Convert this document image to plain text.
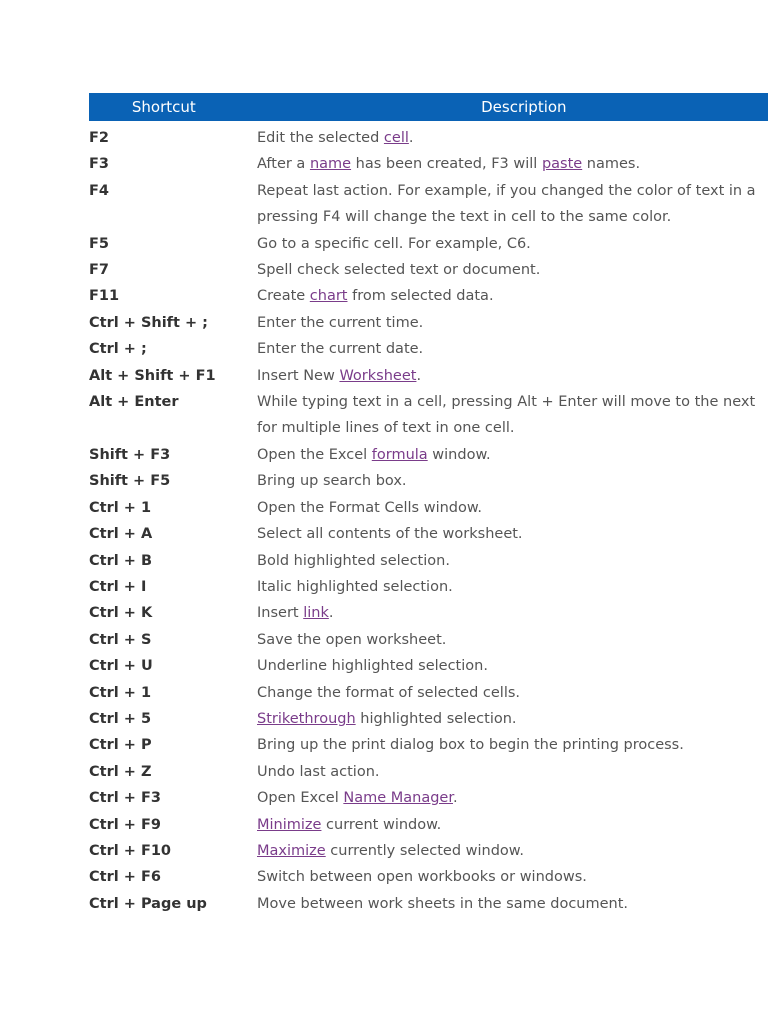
Shortcut	Description
F2	Edit the selected cell.
F3	After a name has been created, F3 will paste names.
F4	Repeat last action. For example, if you changed the color of text in a
pressing F4 will change the text in cell to the same color.
F5	Go to a specific cell. For example, C6.
F7	Spell check selected text or document.
F11	Create chart from selected data.
Ctrl + Shift + ;	Enter the current time.
Ctrl + ;	Enter the current date.
Alt + Shift + F1	Insert New Worksheet.
Alt + Enter	While typing text in a cell, pressing Alt + Enter will move to the next
for multiple lines of text in one cell.
Shift + F3	Open the Excel formula window.
Shift + F5	Bring up search box.
Ctrl + 1	Open the Format Cells window.
Ctrl + A	Select all contents of the worksheet.
Ctrl + B	Bold highlighted selection.
Ctrl + I	Italic highlighted selection.
Ctrl + K	Insert link.
Ctrl + S	Save the open worksheet.
Ctrl + U	Underline highlighted selection.
Ctrl + 1	Change the format of selected cells.
Ctrl + 5	Strikethrough highlighted selection.
Ctrl + P	Bring up the print dialog box to begin the printing process.
Ctrl + Z	Undo last action.
Ctrl + F3	Open Excel Name Manager.
Ctrl + F9	Minimize current window.
Ctrl + F10	Maximize currently selected window.
Ctrl + F6	Switch between open workbooks or windows.
Ctrl + Page up	Move between work sheets in the same document.
